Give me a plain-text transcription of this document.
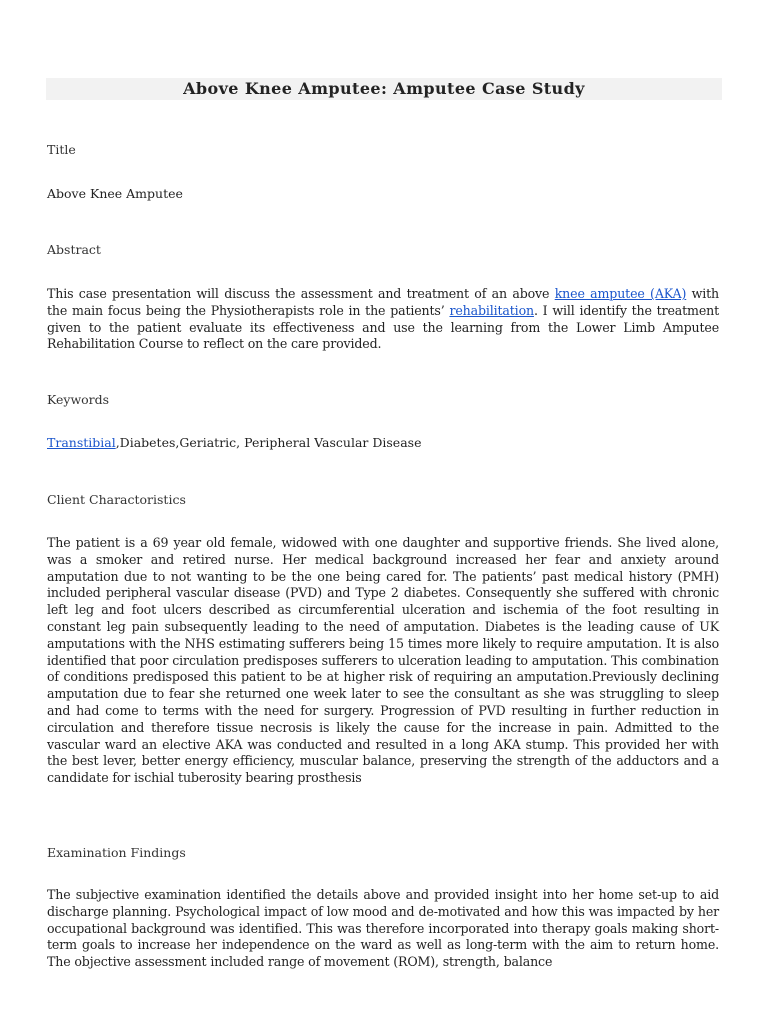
Above Knee Amputee: Amputee Case Study

Title

Above Knee Amputee

Abstract

This case presentation will discuss the assessment and treatment of an above knee amputee (AKA) with the main focus being the Physiotherapists role in the patients’ rehabilitation. I will identify the treatment given to the patient evaluate its effectiveness and use the learning from the Lower Limb Amputee Rehabilitation Course to reflect on the care provided.

Keywords

Transtibial,Diabetes,Geriatric, Peripheral Vascular Disease

Client Charactoristics

The patient is a 69 year old female, widowed with one daughter and supportive friends. She lived alone, was a smoker and retired nurse. Her medical background increased her fear and anxiety around amputation due to not wanting to be the one being cared for. The patients’ past medical history (PMH) included peripheral vascular disease (PVD) and Type 2 diabetes. Consequently she suffered with chronic left leg and foot ulcers described as circumferential ulceration and ischemia of the foot resulting in constant leg pain subsequently leading to the need of amputation. Diabetes is the leading cause of UK amputations with the NHS estimating sufferers being 15 times more likely to require amputation. It is also identified that poor circulation predisposes sufferers to ulceration leading to amputation. This combination of conditions predisposed this patient to be at higher risk of requiring an amputation.Previously declining amputation due to fear she returned one week later to see the consultant as she was struggling to sleep and had come to terms with the need for surgery. Progression of PVD resulting in further reduction in circulation and therefore tissue necrosis is likely the cause for the increase in pain. Admitted to the vascular ward an elective AKA was conducted and resulted in a long AKA stump. This provided her with the best lever, better energy efficiency, muscular balance, preserving the strength of the adductors and a candidate for ischial tuberosity bearing prosthesis

Examination Findings

The subjective examination identified the details above and provided insight into her home set-up to aid discharge planning. Psychological impact of low mood and de-motivated and how this was impacted by her occupational background was identified. This was therefore incorporated into therapy goals making short-term goals to increase her independence on the ward as well as long-term with the aim to return home. The objective assessment included range of movement (ROM), strength, balance
